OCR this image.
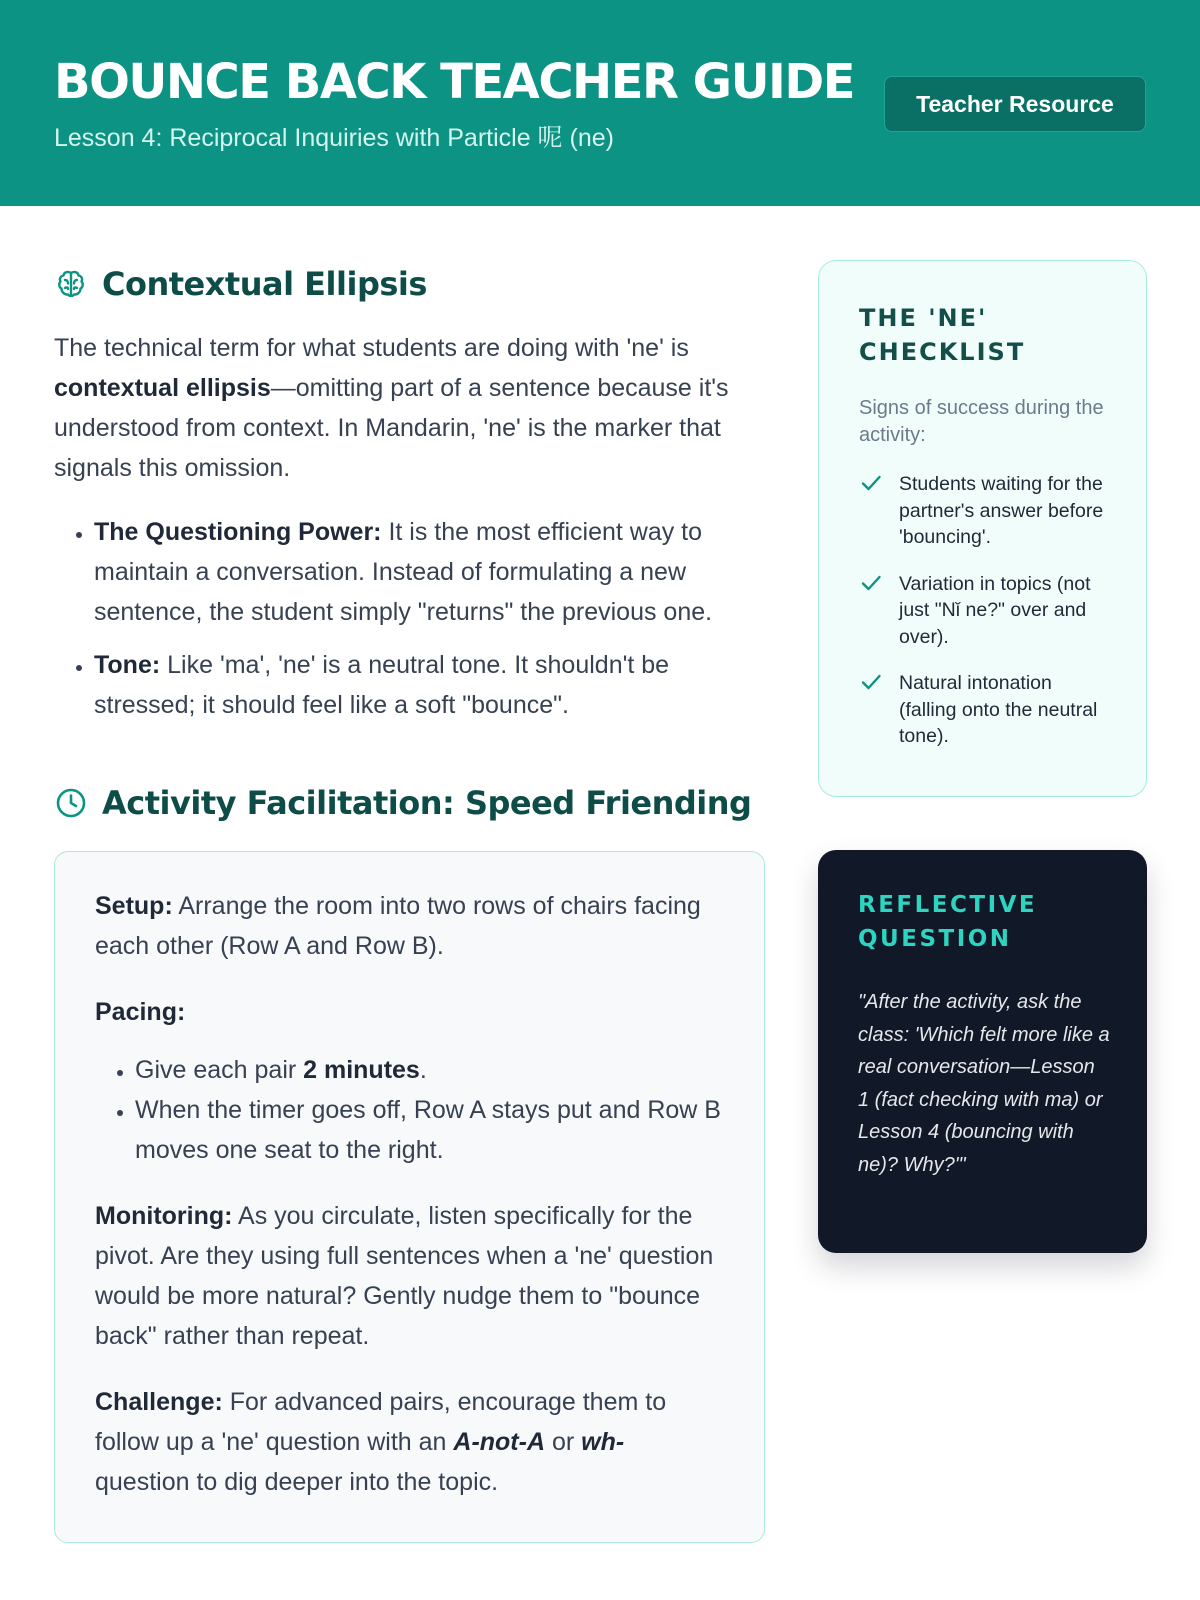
BOUNCE BACK TEACHER GUIDE
Lesson 4: Reciprocal Inquiries with Particle 呢 (ne)
Teacher Resource
Contextual Ellipsis

The technical term for what students are doing with 'ne' is contextual ellipsis—omitting part of a sentence because it's understood from context. In Mandarin, 'ne' is the marker that signals this omission.

• The Questioning Power: It is the most efficient way to maintain a conversation. Instead of formulating a new sentence, the student simply "returns" the previous one.
• Tone: Like 'ma', 'ne' is a neutral tone. It shouldn't be stressed; it should feel like a soft "bounce".
Activity Facilitation: Speed Friending

Setup: Arrange the room into two rows of chairs facing each other (Row A and Row B).

Pacing:

• Give each pair 2 minutes.
• When the timer goes off, Row A stays put and Row B moves one seat to the right.

Monitoring: As you circulate, listen specifically for the pivot. Are they using full sentences when a 'ne' question would be more natural? Gently nudge them to "bounce back" rather than repeat.

Challenge: For advanced pairs, encourage them to follow up a 'ne' question with an A-not-A or wh- question to dig deeper into the topic.

THE 'NE' CHECKLIST

Signs of success during the activity:

Students waiting for the partner's answer before 'bouncing'.
Variation in topics (not just "Nǐ ne?" over and over).
Natural intonation (falling onto the neutral tone).
REFLECTIVE QUESTION

"After the activity, ask the class: 'Which felt more like a real conversation—Lesson 1 (fact checking with ma) or Lesson 4 (bouncing with ne)? Why?'"
